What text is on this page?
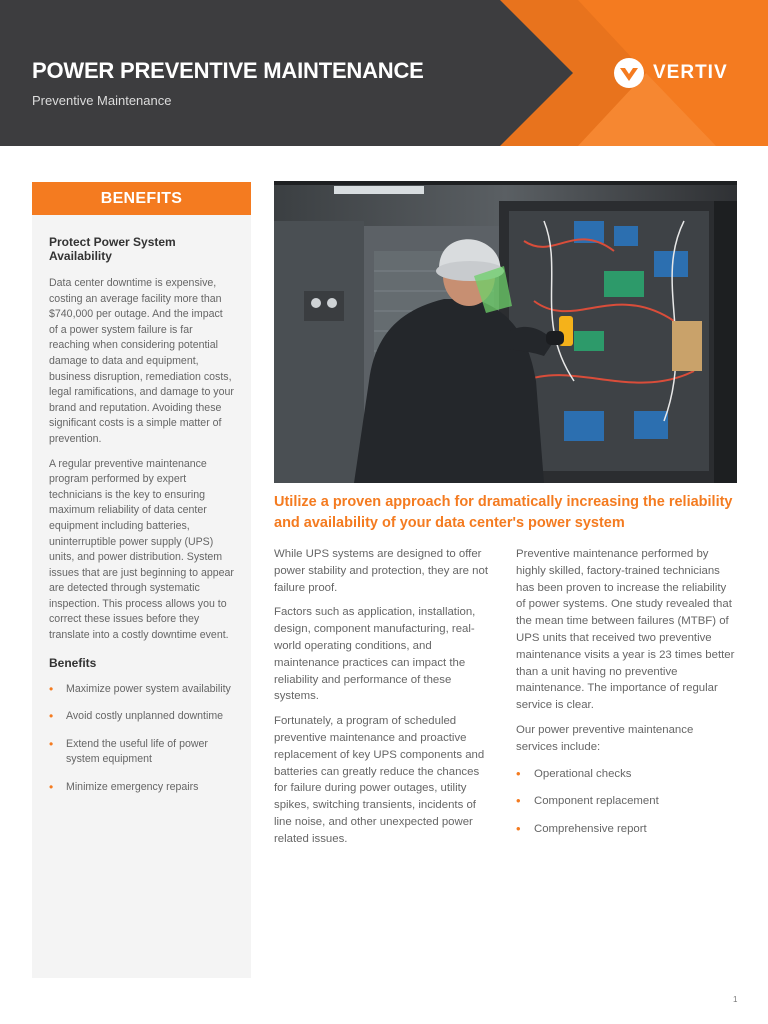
POWER PREVENTIVE MAINTENANCE
Preventive Maintenance
VERTIV
BENEFITS
Protect Power System Availability

Data center downtime is expensive, costing an average facility more than $740,000 per outage. And the impact of a power system failure is far reaching when considering potential damage to data and equipment, business disruption, remediation costs, legal ramifications, and damage to your brand and reputation. Avoiding these significant costs is a simple matter of prevention.

A regular preventive maintenance program performed by expert technicians is the key to ensuring maximum reliability of data center equipment including batteries, uninterruptible power supply (UPS) units, and power distribution. System issues that are just beginning to appear are detected through systematic inspection. This process allows you to correct these issues before they translate into a costly downtime event.

Benefits
• Maximize power system availability
• Avoid costly unplanned downtime
• Extend the useful life of power system equipment
• Minimize emergency repairs
Utilize a proven approach for dramatically increasing the reliability and availability of your data center's power system

While UPS systems are designed to offer power stability and protection, they are not failure proof.

Factors such as application, installation, design, component manufacturing, real-world operating conditions, and maintenance practices can impact the reliability and performance of these systems.

Fortunately, a program of scheduled preventive maintenance and proactive replacement of key UPS components and batteries can greatly reduce the chances for failure during power outages, utility spikes, switching transients, incidents of line noise, and other unexpected power related issues.

Preventive maintenance performed by highly skilled, factory-trained technicians has been proven to increase the reliability of power systems. One study revealed that the mean time between failures (MTBF) of UPS units that received two preventive maintenance visits a year is 23 times better than a unit having no preventive maintenance. The importance of regular service is clear.

Our power preventive maintenance services include:

• Operational checks
• Component replacement
• Comprehensive report
1
